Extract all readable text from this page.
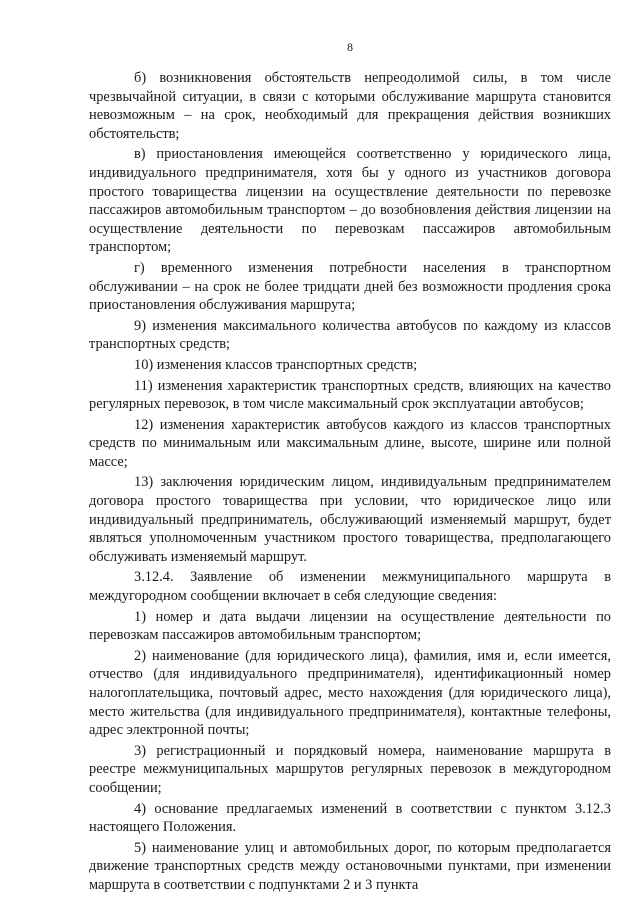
8

б) возникновения обстоятельств непреодолимой силы, в том числе чрезвычайной ситуации, в связи с которыми обслуживание маршрута становится невозможным – на срок, необходимый для прекращения действия возникших обстоятельств;

в) приостановления имеющейся соответственно у юридического лица, индивидуального предпринимателя, хотя бы у одного из участников договора простого товарищества лицензии на осуществление деятельности по перевозке пассажиров автомобильным транспортом – до возобновления действия лицензии на осуществление деятельности по перевозкам пассажиров автомобильным транспортом;

г) временного изменения потребности населения в транспортном обслуживании – на срок не более тридцати дней без возможности продления срока приостановления обслуживания маршрута;

9) изменения максимального количества автобусов по каждому из классов транспортных средств;

10) изменения классов транспортных средств;

11) изменения характеристик транспортных средств, влияющих на качество регулярных перевозок, в том числе максимальный срок эксплуатации автобусов;

12) изменения характеристик автобусов каждого из классов транспортных средств по минимальным или максимальным длине, высоте, ширине или полной массе;

13) заключения юридическим лицом, индивидуальным предпринимателем договора простого товарищества при условии, что юридическое лицо или индивидуальный предприниматель, обслуживающий изменяемый маршрут, будет являться уполномоченным участником простого товарищества, предполагающего обслуживать изменяемый маршрут.

3.12.4. Заявление об изменении межмуниципального маршрута в междугородном сообщении включает в себя следующие сведения:

1) номер и дата выдачи лицензии на осуществление деятельности по перевозкам пассажиров автомобильным транспортом;

2) наименование (для юридического лица), фамилия, имя и, если имеется, отчество (для индивидуального предпринимателя), идентификационный номер налогоплательщика, почтовый адрес, место нахождения (для юридического лица), место жительства (для индивидуального предпринимателя), контактные телефоны, адрес электронной почты;

3) регистрационный и порядковый номера, наименование маршрута в реестре межмуниципальных маршрутов регулярных перевозок в междугородном сообщении;

4) основание предлагаемых изменений в соответствии с пунктом 3.12.3 настоящего Положения.

5) наименование улиц и автомобильных дорог, по которым предполагается движение транспортных средств между остановочными пунктами, при изменении маршрута в соответствии с подпунктами 2 и 3 пункта
